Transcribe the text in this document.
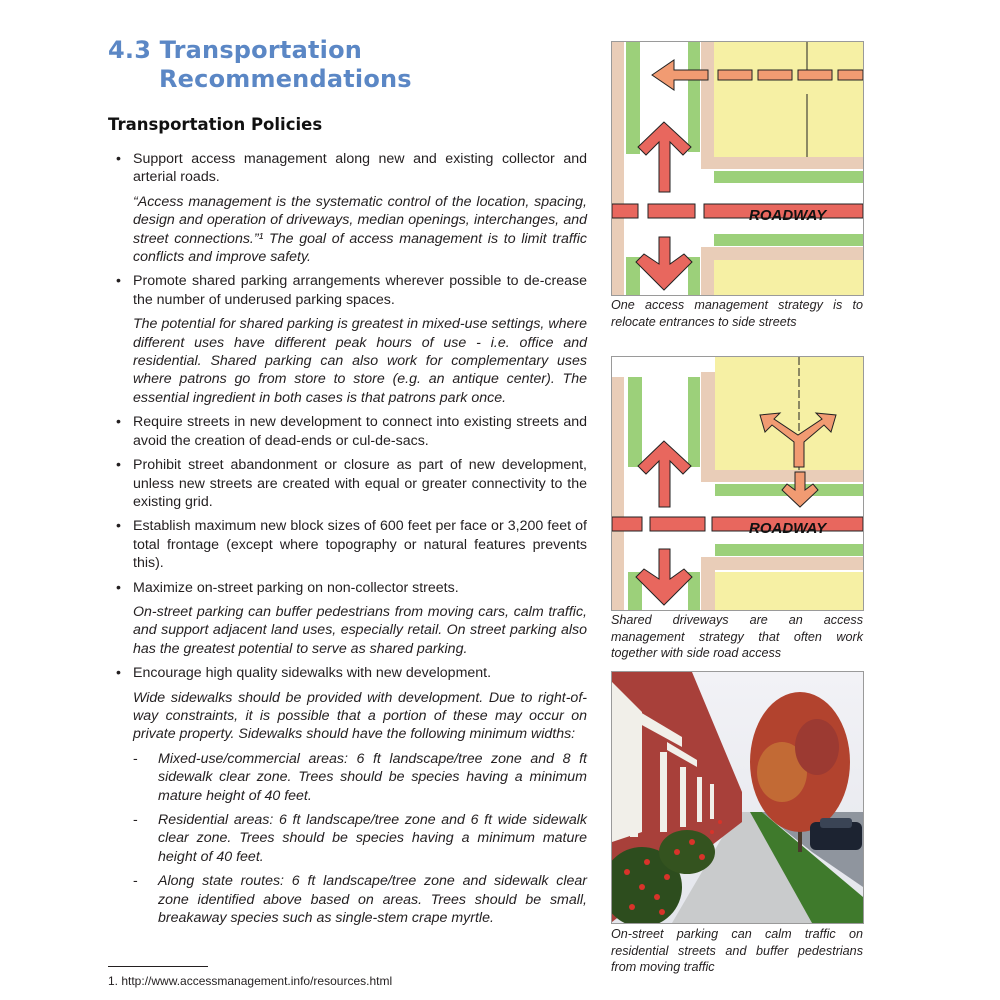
4.3 Transportation
Recommendations
Transportation Policies
• Support access management along new and existing collector and arterial roads.
“Access management is the systematic control of the location, spacing, design and operation of driveways, median openings, interchanges, and street connections.”¹ The goal of access management is to limit traffic conflicts and improve safety.
• Promote shared parking arrangements wherever possible to de-crease the number of underused parking spaces.
The potential for shared parking is greatest in mixed-use settings, where different uses have different peak hours of use - i.e. office and residential. Shared parking can also work for complementary uses where patrons go from store to store (e.g. an antique center). The essential ingredient in both cases is that patrons park once.
• Require streets in new development to connect into existing streets and avoid the creation of dead-ends or cul-de-sacs.
• Prohibit street abandonment or closure as part of new development, unless new streets are created with equal or greater connectivity to the existing grid.
• Establish maximum new block sizes of 600 feet per face or 3,200 feet of total frontage (except where topography or natural features prevents this).
• Maximize on-street parking on non-collector streets.
On-street parking can buffer pedestrians from moving cars, calm traffic, and support adjacent land uses, especially retail. On street parking also has the greatest potential to serve as shared parking.
• Encourage high quality sidewalks with new development.
Wide sidewalks should be provided with development. Due to right-of-way constraints, it is possible that a portion of these may occur on private property. Sidewalks should have the following minimum widths:
- Mixed-use/commercial areas: 6 ft landscape/tree zone and 8 ft sidewalk clear zone. Trees should be species having a minimum mature height of 40 feet.
- Residential areas: 6 ft landscape/tree zone and 6 ft wide sidewalk clear zone. Trees should be species having a minimum mature height of 40 feet.
- Along state routes: 6 ft landscape/tree zone and sidewalk clear zone identified above based on areas. Trees should be small, breakaway species such as single-stem crape myrtle.
1. http://www.accessmanagement.info/resources.html
ROADWAY
One access management strategy is to relocate entrances to side streets
ROADWAY
Shared driveways are an access management strategy that often work together with side road access
On-street parking can calm traffic on residential streets and buffer pedestrians from moving traffic
